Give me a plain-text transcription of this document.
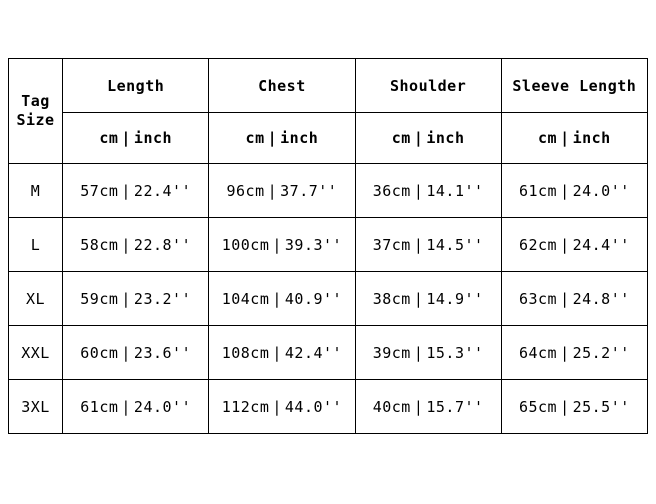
Tag
Size	Length	Chest	Shoulder	Sleeve Length
	cm | inch	cm | inch	cm | inch	cm | inch
M	57cm | 22.4''	96cm | 37.7''	36cm | 14.1''	61cm | 24.0''
L	58cm | 22.8''	100cm | 39.3''	37cm | 14.5''	62cm | 24.4''
XL	59cm | 23.2''	104cm | 40.9''	38cm | 14.9''	63cm | 24.8''
XXL	60cm | 23.6''	108cm | 42.4''	39cm | 15.3''	64cm | 25.2''
3XL	61cm | 24.0''	112cm | 44.0''	40cm | 15.7''	65cm | 25.5''
